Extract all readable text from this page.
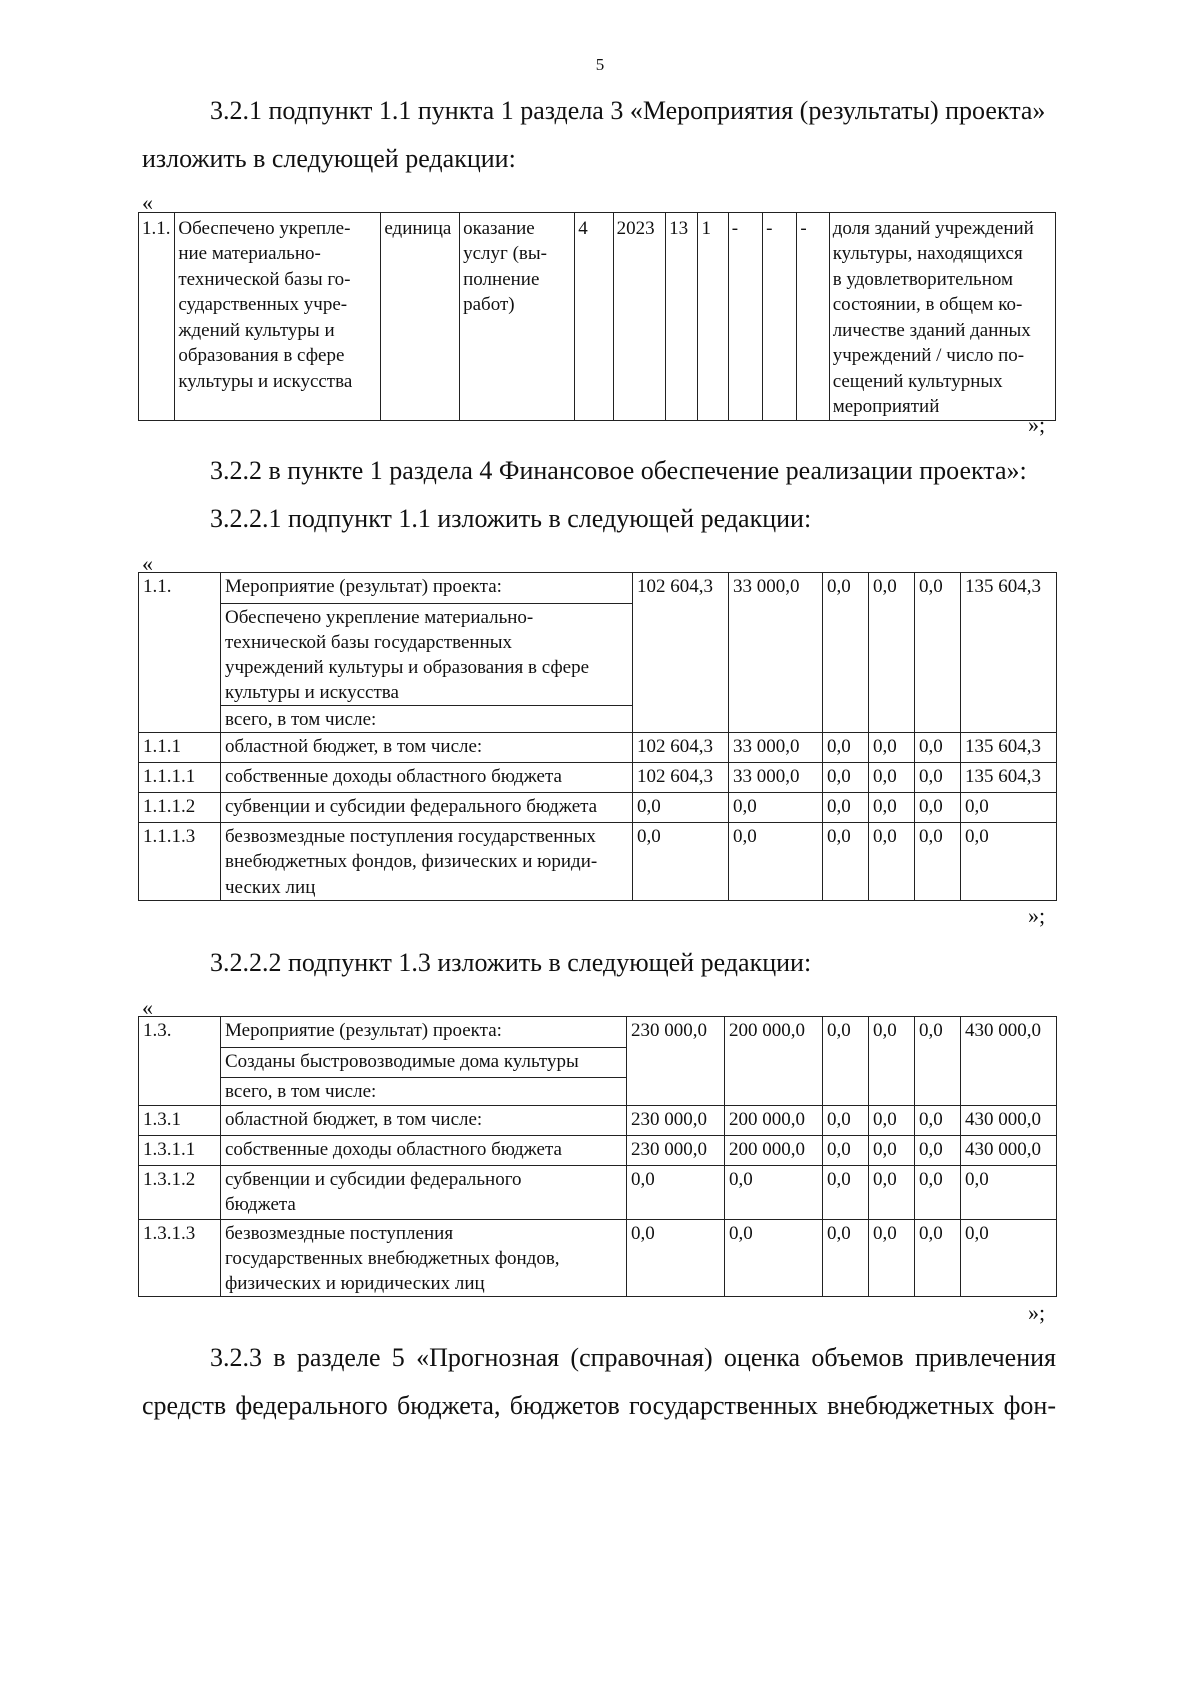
5
3.2.1 подпункт 1.1 пункта 1 раздела 3 «Мероприятия (результаты) проекта»
изложить в следующей редакции:
«
1.1.	Обеспечено укрепле-
ние материально-
технической базы го-
сударственных учре-
ждений культуры и
образования в сфере
культуры и искусства	единица	оказание
услуг (вы-
полнение
работ)	4	2023	13	1	-	-	-	доля зданий учреждений
культуры, находящихся
в удовлетворительном
состоянии, в общем ко-
личестве зданий данных
учреждений / число по-
сещений культурных
мероприятий
»;
3.2.2 в пункте 1 раздела 4 Финансовое обеспечение реализации проекта»:
3.2.2.1 подпункт 1.1 изложить в следующей редакции:
«
1.1.	Мероприятие (результат) проекта:	102 604,3	33 000,0	0,0	0,0	0,0	135 604,3
	Обеспечено укрепление материально-
технической базы государственных
учреждений культуры и образования в сфере
культуры и искусства						
	всего, в том числе:						
1.1.1	областной бюджет, в том числе:	102 604,3	33 000,0	0,0	0,0	0,0	135 604,3
1.1.1.1	собственные доходы областного бюджета	102 604,3	33 000,0	0,0	0,0	0,0	135 604,3
1.1.1.2	субвенции и субсидии федерального бюджета	0,0	0,0	0,0	0,0	0,0	0,0
1.1.1.3	безвозмездные поступления государственных
внебюджетных фондов, физических и юриди-
ческих лиц	0,0	0,0	0,0	0,0	0,0	0,0
»;
3.2.2.2 подпункт 1.3 изложить в следующей редакции:
«
1.3.	Мероприятие (результат) проекта:	230 000,0	200 000,0	0,0	0,0	0,0	430 000,0
	Созданы быстровозводимые дома культуры						
	всего, в том числе:						
1.3.1	областной бюджет, в том числе:	230 000,0	200 000,0	0,0	0,0	0,0	430 000,0
1.3.1.1	собственные доходы областного бюджета	230 000,0	200 000,0	0,0	0,0	0,0	430 000,0
1.3.1.2	субвенции и субсидии федерального
бюджета	0,0	0,0	0,0	0,0	0,0	0,0
1.3.1.3	безвозмездные поступления
государственных внебюджетных фондов,
физических и юридических лиц	0,0	0,0	0,0	0,0	0,0	0,0
»;
3.2.3 в разделе 5 «Прогнозная (справочная) оценка объемов привлечения
средств федерального бюджета, бюджетов государственных внебюджетных фон-
